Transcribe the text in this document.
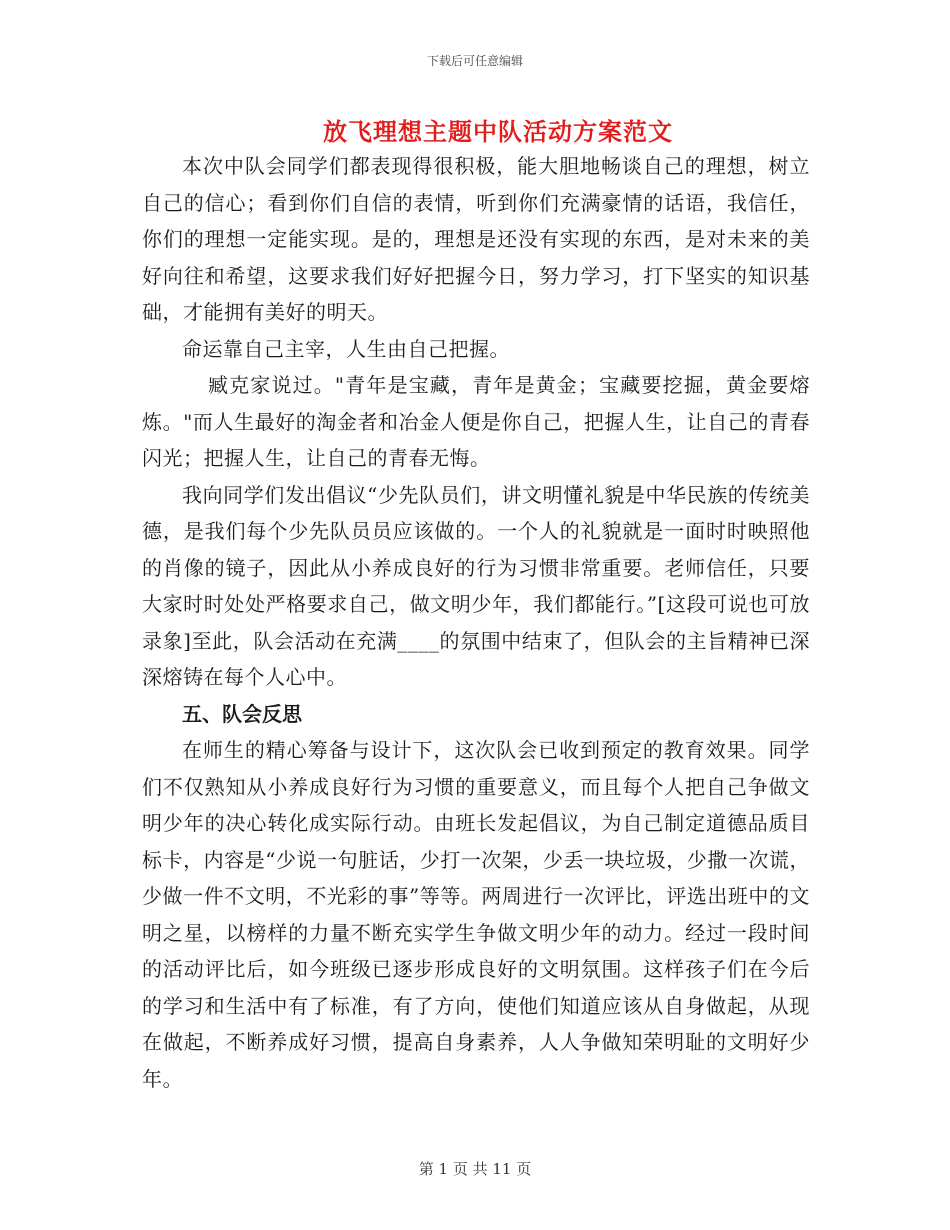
下载后可任意编辑
放飞理想主题中队活动方案范文

本次中队会同学们都表现得很积极，能大胆地畅谈自己的理想，树立自己的信心；看到你们自信的表情，听到你们充满豪情的话语，我信任，你们的理想一定能实现。是的，理想是还没有实现的东西，是对未来的美好向往和希望，这要求我们好好把握今日，努力学习，打下坚实的知识基础，才能拥有美好的明天。

命运靠自己主宰，人生由自己把握。

臧克家说过。"青年是宝藏，青年是黄金；宝藏要挖掘，黄金要熔炼。"而人生最好的淘金者和冶金人便是你自己，把握人生，让自己的青春闪光；把握人生，让自己的青春无悔。

我向同学们发出倡议“少先队员们，讲文明懂礼貌是中华民族的传统美德，是我们每个少先队员员应该做的。一个人的礼貌就是一面时时映照他的肖像的镜子，因此从小养成良好的行为习惯非常重要。老师信任，只要大家时时处处严格要求自己，做文明少年，我们都能行。”[这段可说也可放录象]至此，队会活动在充满____的氛围中结束了，但队会的主旨精神已深深熔铸在每个人心中。

五、队会反思

在师生的精心筹备与设计下，这次队会已收到预定的教育效果。同学们不仅熟知从小养成良好行为习惯的重要意义，而且每个人把自己争做文明少年的决心转化成实际行动。由班长发起倡议，为自己制定道德品质目标卡，内容是“少说一句脏话，少打一次架，少丢一块垃圾，少撒一次谎，少做一件不文明，不光彩的事”等等。两周进行一次评比，评选出班中的文明之星，以榜样的力量不断充实学生争做文明少年的动力。经过一段时间的活动评比后，如今班级已逐步形成良好的文明氛围。这样孩子们在今后的学习和生活中有了标准，有了方向，使他们知道应该从自身做起，从现在做起，不断养成好习惯，提高自身素养，人人争做知荣明耻的文明好少年。

第 1 页 共 11 页
